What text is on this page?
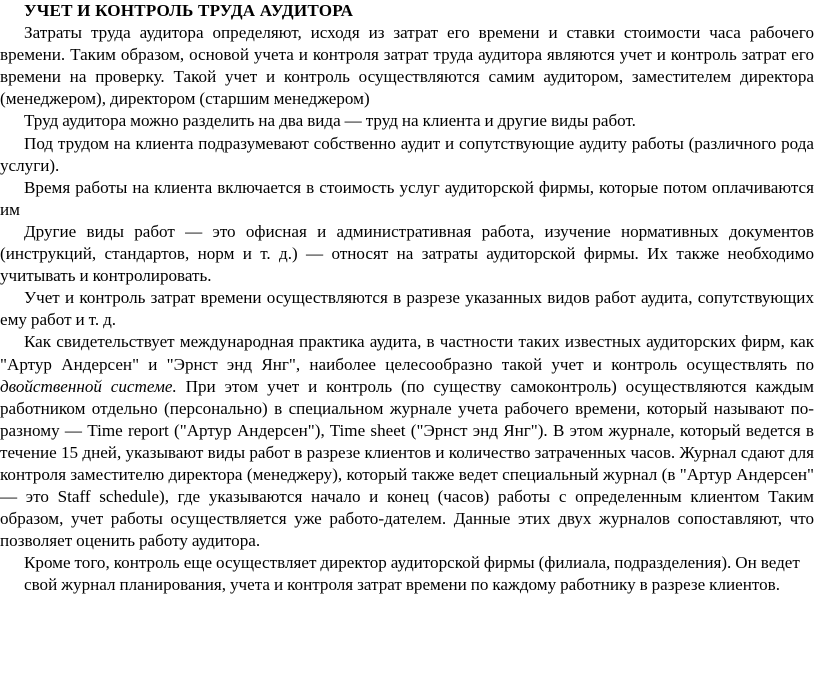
УЧЕТ И КОНТРОЛЬ ТРУДА АУДИТОРА

Затраты труда аудитора определяют, исходя из затрат его времени и ставки стоимости часа рабочего времени. Таким образом, основой учета и контроля затрат труда аудитора являются учет и контроль затрат его времени на проверку. Такой учет и контроль осуществляются самим аудитором, заместителем директора (менеджером), директором (старшим менеджером)

Труд аудитора можно разделить на два вида — труд на клиента и другие виды работ.

Под трудом на клиента подразумевают собственно аудит и сопутствующие аудиту работы (различного рода услуги).

Время работы на клиента включается в стоимость услуг аудиторской фирмы, которые потом оплачиваются им

Другие виды работ — это офисная и административная работа, изучение нормативных документов (инструкций, стандартов, норм и т. д.) — относят на затраты аудиторской фирмы. Их также необходимо учитывать и контролировать.

Учет и контроль затрат времени осуществляются в разрезе указанных видов работ аудита, сопутствующих ему работ и т. д.

Как свидетельствует международная практика аудита, в частности таких известных аудиторских фирм, как "Артур Андерсен" и "Эрнст энд Янг", наиболее целесообразно такой учет и контроль осуществлять по двойственной системе. При этом учет и контроль (по существу самоконтроль) осуществляются каждым работником отдельно (персонально) в специальном журнале учета рабочего времени, который называют по-разному — Time report ("Артур Андерсен"), Time sheet ("Эрнст энд Янг"). В этом журнале, который ведется в течение 15 дней, указывают виды работ в разрезе клиентов и количество затраченных часов. Журнал сдают для контроля заместителю директора (менеджеру), который также ведет специальный журнал (в "Артур Андерсен" — это Staff schedule), где указываются начало и конец (часов) работы с определенным клиентом Таким образом, учет работы осуществляется уже работо-дателем. Данные этих двух журналов сопоставляют, что позволяет оценить работу аудитора.

Кроме того, контроль еще осуществляет директор аудиторской фирмы (филиала, подразделения). Он ведет

свой журнал планирования, учета и контроля затрат времени по каждому работнику в разрезе клиентов.
